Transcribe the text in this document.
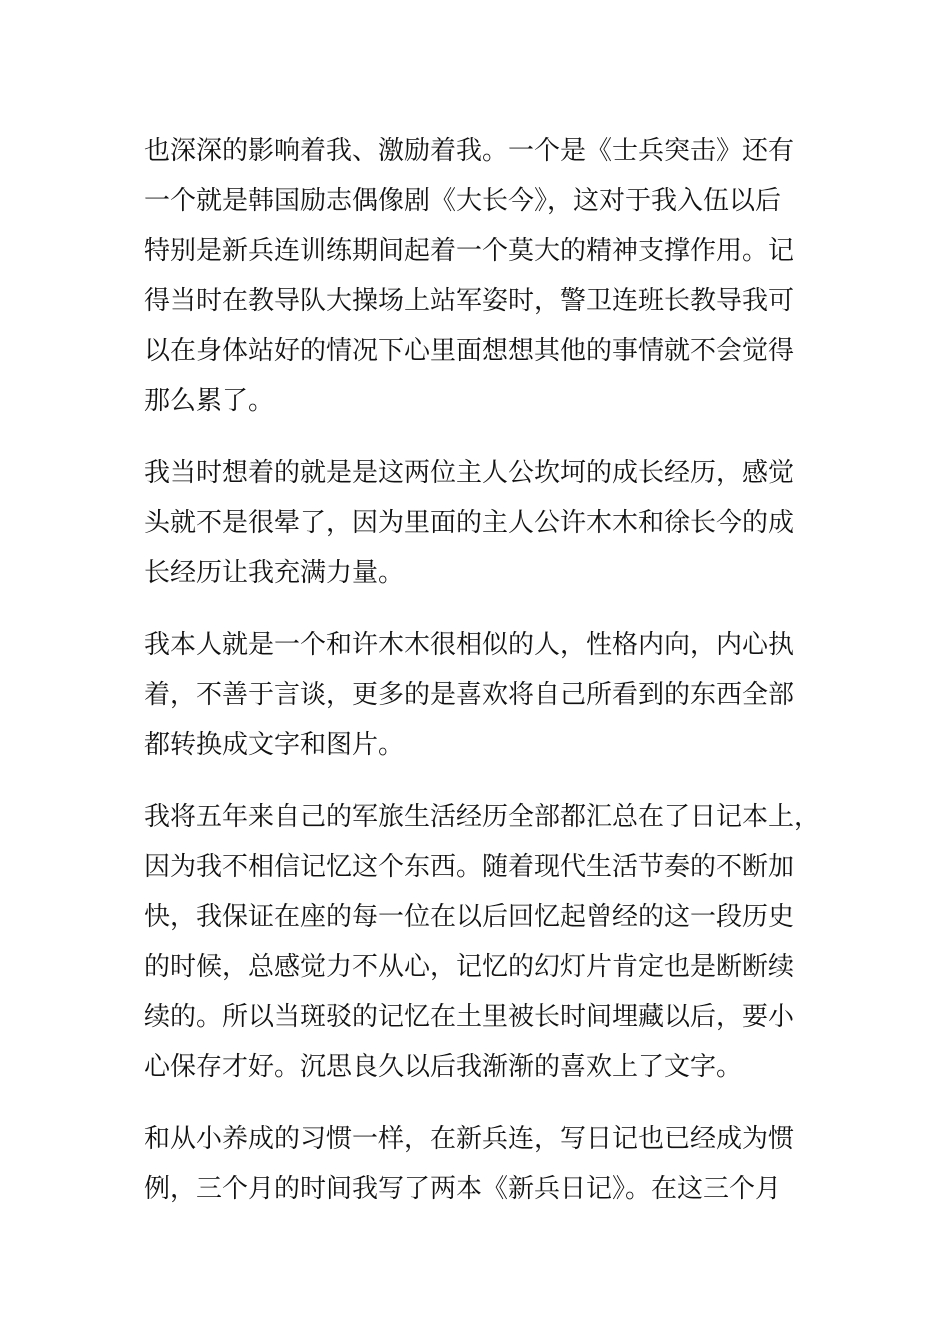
也深深的影响着我、激励着我。一个是《士兵突击》还有
一个就是韩国励志偶像剧《大长今》，这对于我入伍以后
特别是新兵连训练期间起着一个莫大的精神支撑作用。记
得当时在教导队大操场上站军姿时，警卫连班长教导我可
以在身体站好的情况下心里面想想其他的事情就不会觉得
那么累了。
我当时想着的就是是这两位主人公坎坷的成长经历，感觉
头就不是很晕了，因为里面的主人公许木木和徐长今的成
长经历让我充满力量。
我本人就是一个和许木木很相似的人，性格内向，内心执
着，不善于言谈，更多的是喜欢将自己所看到的东西全部
都转换成文字和图片。
我将五年来自己的军旅生活经历全部都汇总在了日记本上，
因为我不相信记忆这个东西。随着现代生活节奏的不断加
快，我保证在座的每一位在以后回忆起曾经的这一段历史
的时候，总感觉力不从心，记忆的幻灯片肯定也是断断续
续的。所以当斑驳的记忆在土里被长时间埋藏以后，要小
心保存才好。沉思良久以后我渐渐的喜欢上了文字。
和从小养成的习惯一样，在新兵连，写日记也已经成为惯
例，三个月的时间我写了两本《新兵日记》。在这三个月
